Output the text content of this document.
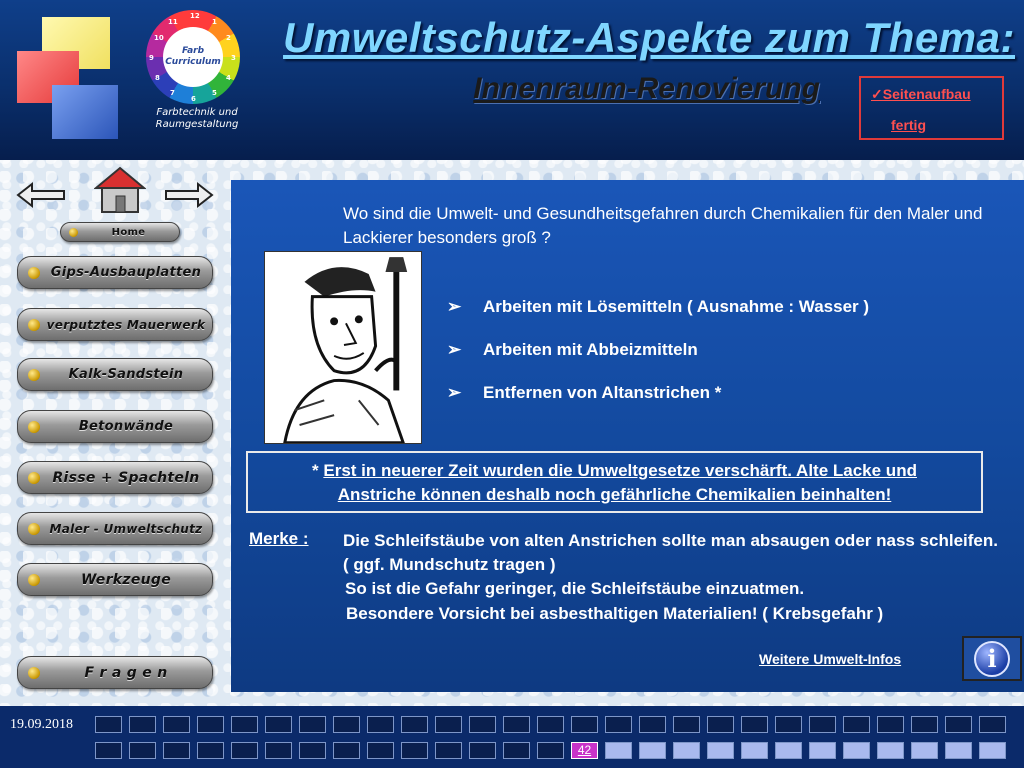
12
1
2
3
4
5
6
7
8
9
10
11
Farb
Curriculum
Farbtechnik und
Raumgestaltung
Umweltschutz-Aspekte zum Thema:
Innenraum-Renovierung	✓Seitenaufbau
fertig
Home
Gips-Ausbauplatten
verputztes Mauerwerk
Kalk-Sandstein
Betonwände
Risse + Spachteln
Maler - Umweltschutz
Werkzeuge
F r a g e n
Wo sind die Umwelt- und Gesundheitsgefahren durch Chemikalien für den Maler und Lackierer besonders groß ?
➢ Arbeiten mit Lösemitteln ( Ausnahme : Wasser )
➢ Arbeiten mit Abbeizmitteln
➢ Entfernen von Altanstrichen *
* Erst in neuerer Zeit wurden die Umweltgesetze verschärft. Alte Lacke und
Anstriche können deshalb noch gefährliche Chemikalien beinhalten!
Merke : Die Schleifstäube von alten Anstrichen sollte man absaugen oder nass schleifen. ( ggf. Mundschutz tragen )
So ist die Gefahr geringer, die Schleifstäube einzuatmen.
Besondere Vorsicht bei asbesthaltigen Materialien! ( Krebsgefahr )
Weitere Umwelt-Infos	i
19.09.2018
42
